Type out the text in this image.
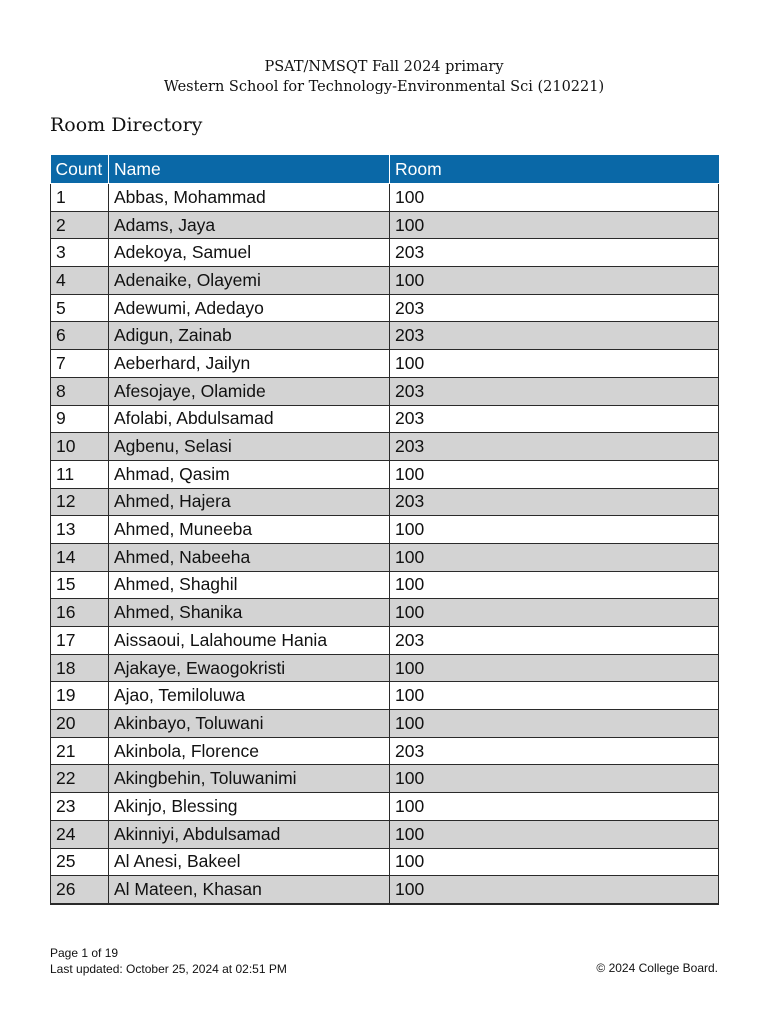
PSAT/NMSQT Fall 2024 primary
Western School for Technology-Environmental Sci (210221)
Room Directory
Count	Name	Room
1	Abbas, Mohammad	100
2	Adams, Jaya	100
3	Adekoya, Samuel	203
4	Adenaike, Olayemi	100
5	Adewumi, Adedayo	203
6	Adigun, Zainab	203
7	Aeberhard, Jailyn	100
8	Afesojaye, Olamide	203
9	Afolabi, Abdulsamad	203
10	Agbenu, Selasi	203
11	Ahmad, Qasim	100
12	Ahmed, Hajera	203
13	Ahmed, Muneeba	100
14	Ahmed, Nabeeha	100
15	Ahmed, Shaghil	100
16	Ahmed, Shanika	100
17	Aissaoui, Lalahoume Hania	203
18	Ajakaye, Ewaogokristi	100
19	Ajao, Temiloluwa	100
20	Akinbayo, Toluwani	100
21	Akinbola, Florence	203
22	Akingbehin, Toluwanimi	100
23	Akinjo, Blessing	100
24	Akinniyi, Abdulsamad	100
25	Al Anesi, Bakeel	100
26	Al Mateen, Khasan	100
Page 1 of 19
Last updated: October 25, 2024 at 02:51 PM	© 2024 College Board.
